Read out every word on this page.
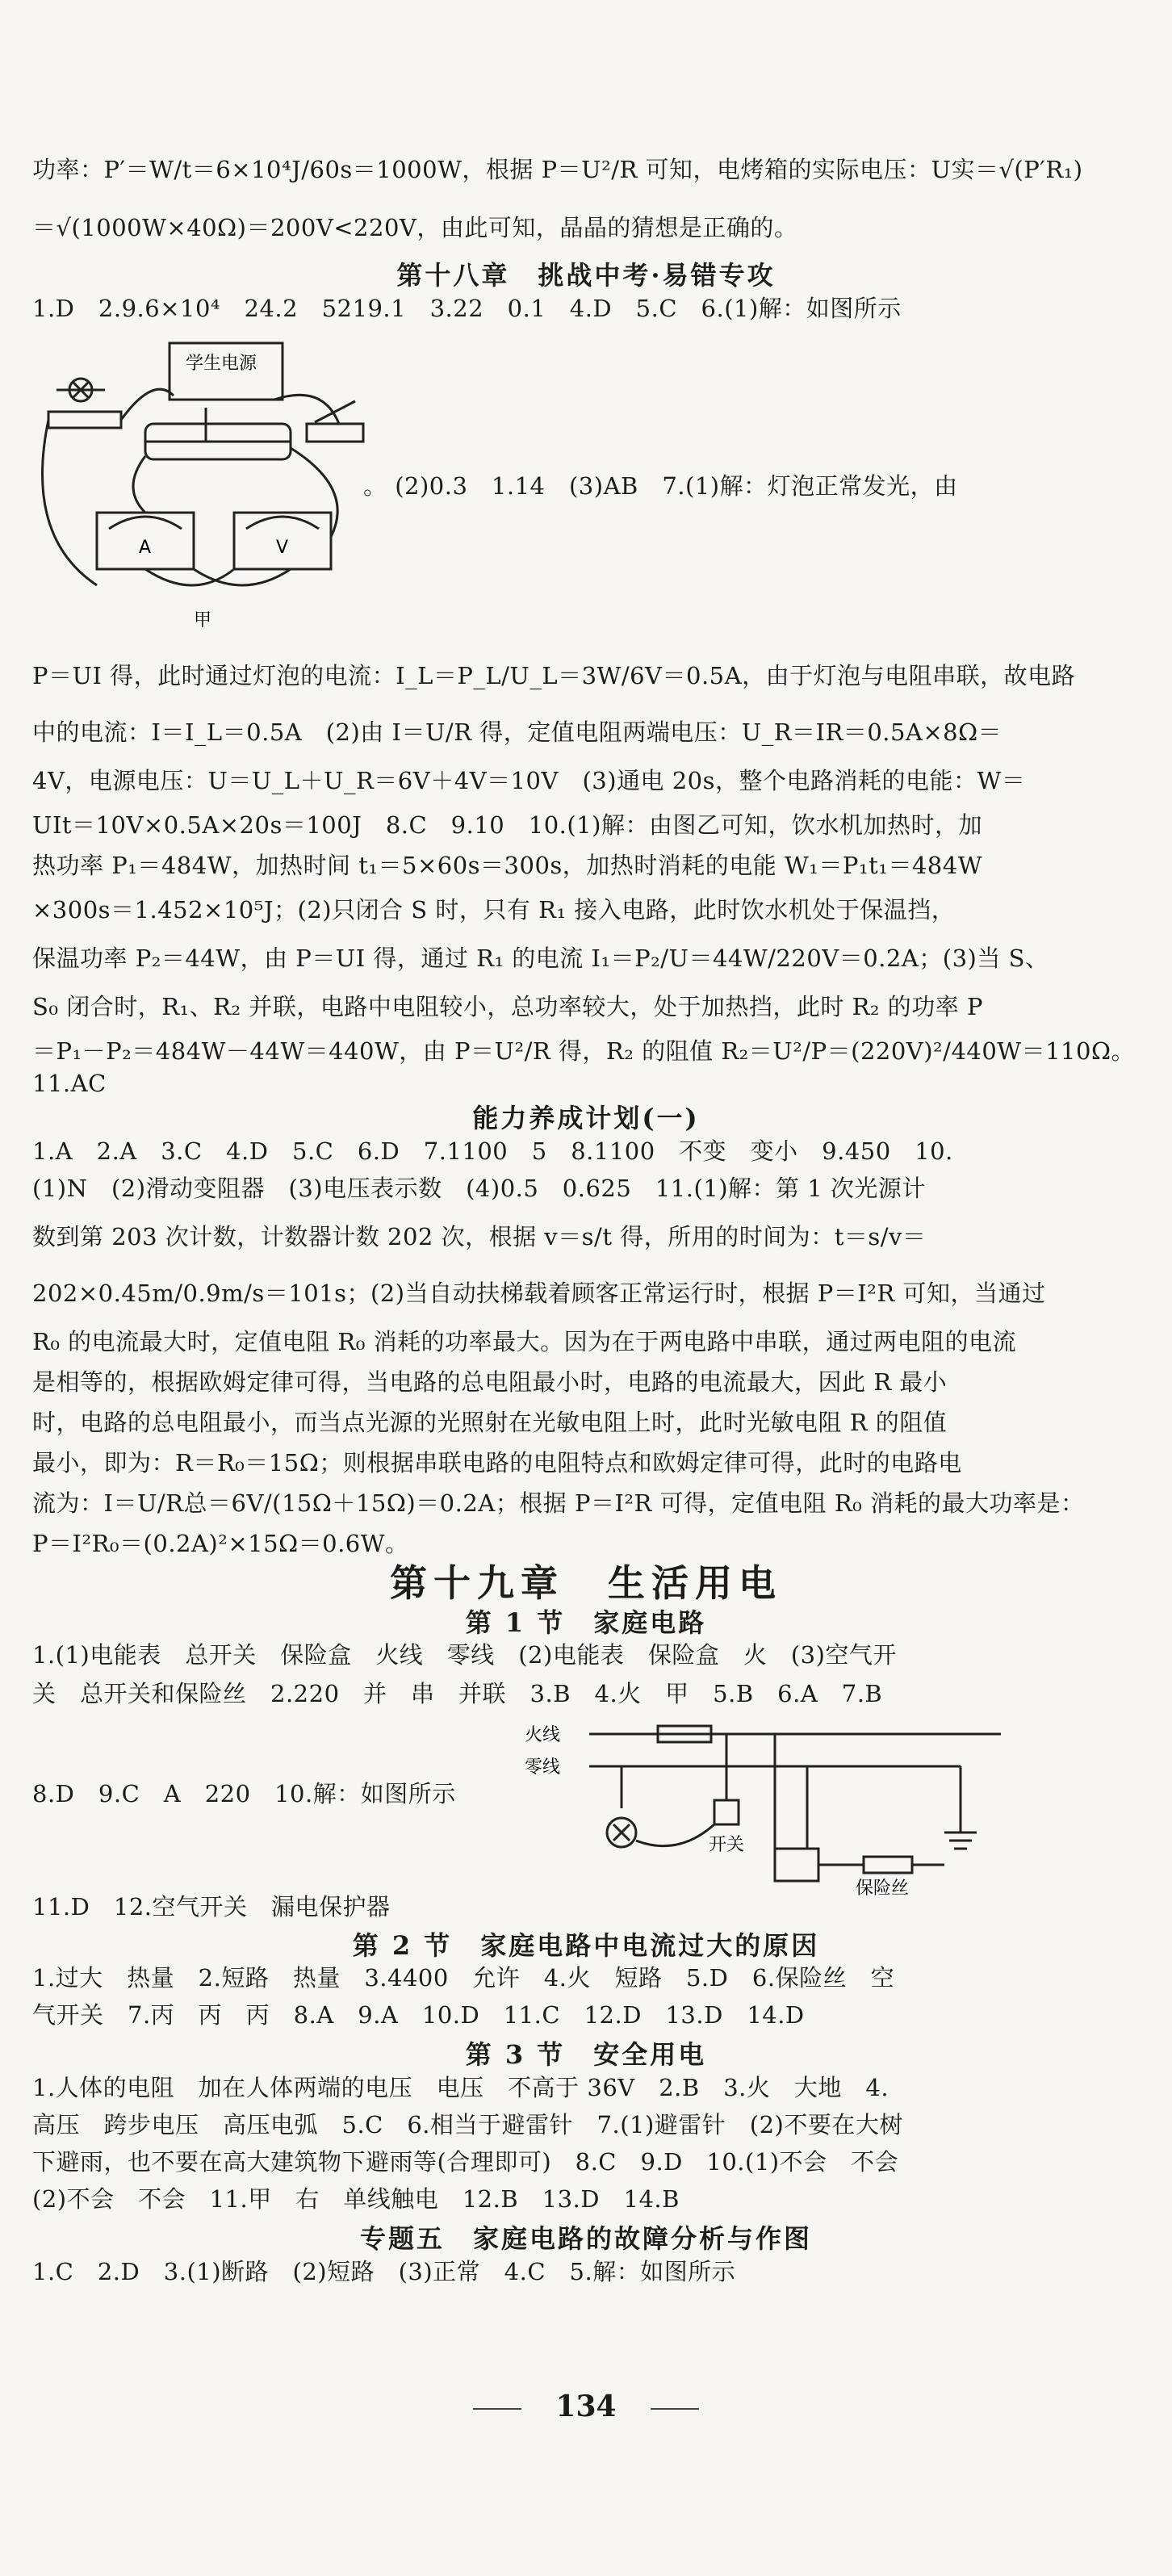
功率：P′＝W/t＝6×10⁴J/60s＝1000W，根据 P＝U²/R 可知，电烤箱的实际电压：U实＝√(P′R₁)
＝√(1000W×40Ω)＝200V<220V，由此可知，晶晶的猜想是正确的。
第十八章　挑战中考·易错专攻
1.D　2.9.6×10⁴　24.2　5219.1　3.22　0.1　4.D　5.C　6.(1)解：如图所示
学生电源
A	V
甲
。 (2)0.3　1.14　(3)AB　7.(1)解：灯泡正常发光，由
P＝UI 得，此时通过灯泡的电流：I_L＝P_L/U_L＝3W/6V＝0.5A，由于灯泡与电阻串联，故电路
中的电流：I＝I_L＝0.5A　(2)由 I＝U/R 得，定值电阻两端电压：U_R＝IR＝0.5A×8Ω＝
4V，电源电压：U＝U_L＋U_R＝6V＋4V＝10V　(3)通电 20s，整个电路消耗的电能：W＝
UIt＝10V×0.5A×20s＝100J　8.C　9.10　10.(1)解：由图乙可知，饮水机加热时，加
热功率 P₁＝484W，加热时间 t₁＝5×60s＝300s，加热时消耗的电能 W₁＝P₁t₁＝484W
×300s＝1.452×10⁵J；(2)只闭合 S 时，只有 R₁ 接入电路，此时饮水机处于保温挡，
保温功率 P₂＝44W，由 P＝UI 得，通过 R₁ 的电流 I₁＝P₂/U＝44W/220V＝0.2A；(3)当 S、
S₀ 闭合时，R₁、R₂ 并联，电路中电阻较小，总功率较大，处于加热挡，此时 R₂ 的功率 P
＝P₁－P₂＝484W－44W＝440W，由 P＝U²/R 得，R₂ 的阻值 R₂＝U²/P＝(220V)²/440W＝110Ω。
11.AC
能力养成计划(一)
1.A　2.A　3.C　4.D　5.C　6.D　7.1100　5　8.1100　不变　变小　9.450　10.
(1)N　(2)滑动变阻器　(3)电压表示数　(4)0.5　0.625　11.(1)解：第 1 次光源计
数到第 203 次计数，计数器计数 202 次，根据 v＝s/t 得，所用的时间为：t＝s/v＝
202×0.45m/0.9m/s＝101s；(2)当自动扶梯载着顾客正常运行时，根据 P＝I²R 可知，当通过
R₀ 的电流最大时，定值电阻 R₀ 消耗的功率最大。因为在于两电路中串联，通过两电阻的电流
是相等的，根据欧姆定律可得，当电路的总电阻最小时，电路的电流最大，因此 R 最小
时，电路的总电阻最小，而当点光源的光照射在光敏电阻上时，此时光敏电阻 R 的阻值
最小，即为：R＝R₀＝15Ω；则根据串联电路的电阻特点和欧姆定律可得，此时的电路电
流为：I＝U/R总＝6V/(15Ω＋15Ω)＝0.2A；根据 P＝I²R 可得，定值电阻 R₀ 消耗的最大功率是：
P＝I²R₀＝(0.2A)²×15Ω＝0.6W。
第十九章　生活用电
第 1 节　家庭电路
1.(1)电能表　总开关　保险盒　火线　零线　(2)电能表　保险盒　火　(3)空气开
关　总开关和保险丝　2.220　并　串　并联　3.B　4.火　甲　5.B　6.A　7.B
火线
零线
开关
保险丝
8.D　9.C　A　220　10.解：如图所示
11.D　12.空气开关　漏电保护器
第 2 节　家庭电路中电流过大的原因
1.过大　热量　2.短路　热量　3.4400　允许　4.火　短路　5.D　6.保险丝　空
气开关　7.丙　丙　丙　8.A　9.A　10.D　11.C　12.D　13.D　14.D
第 3 节　安全用电
1.人体的电阻　加在人体两端的电压　电压　不高于 36V　2.B　3.火　大地　4.
高压　跨步电压　高压电弧　5.C　6.相当于避雷针　7.(1)避雷针　(2)不要在大树
下避雨，也不要在高大建筑物下避雨等(合理即可)　8.C　9.D　10.(1)不会　不会
(2)不会　不会　11.甲　右　单线触电　12.B　13.D　14.B
专题五　家庭电路的故障分析与作图
1.C　2.D　3.(1)断路　(2)短路　(3)正常　4.C　5.解：如图所示
134
